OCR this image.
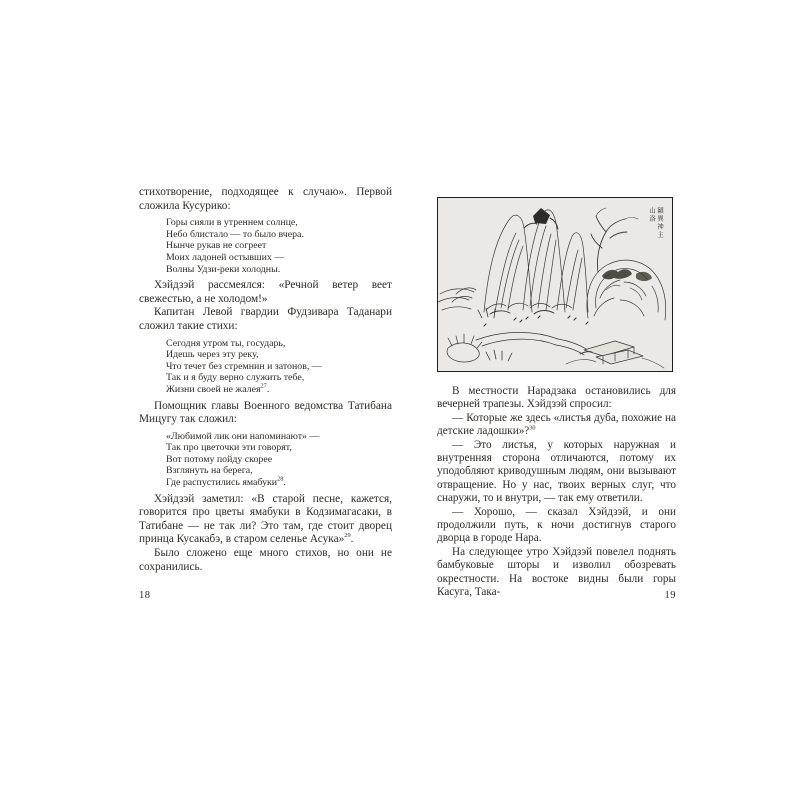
стихотворение, подходящее к случаю». Первой сложила Кусурико:

Горы сияли в утреннем солнце,
Небо блистало — то было вчера.
Нынче рукав не согреет
Моих ладоней остывших —
Волны Удзи-реки холодны.

Хэйдзэй рассмеялся: «Речной ветер веет свежестью, а не холодом!»

Капитан Левой гвардии Фудзивара Таданари сложил такие стихи:

Сегодня утром ты, государь,
Идешь через эту реку,
Что течет без стремнин и затонов, —
Так и я буду верно служить тебе,
Жизни своей не жалея$^{27}$.

Помощник главы Военного ведомства Татибана Мицугу так сложил:

«Любимой лик они напоминают» —
Так про цветочки эти говорят,
Вот потому пойду скорее
Взглянуть на берега,
Где распустились ямабуки$^{28}$.

Хэйдзэй заметил: «В старой песне, кажется, говорится про цветы ямабуки в Кодзимагасаки, в Татибане — не так ли? Это там, где стоит дворец принца Кусакабэ, в старом селенье Асука»$^{29}$.

Было сложено еще много стихов, но они не сохранились.

18
穎異神主
山洛

В местности Нарадзака остановились для вечерней трапезы. Хэйдзэй спросил:

— Которые же здесь «листья дуба, похожие на детские ладошки»?$^{30}$

— Это листья, у которых наружная и внутренняя сторона отличаются, потому их уподобляют криводушным людям, они вызывают отвращение. Но у нас, твоих верных слуг, что снаружи, то и внутри, — так ему ответили.

— Хорошо, — сказал Хэйдзэй, и они продолжили путь, к ночи достигнув старого дворца в городе Нара.

На следующее утро Хэйдзэй повелел поднять бамбуковые шторы и изволил обозревать окрестности. На востоке видны были горы Касуга, Така-	19
